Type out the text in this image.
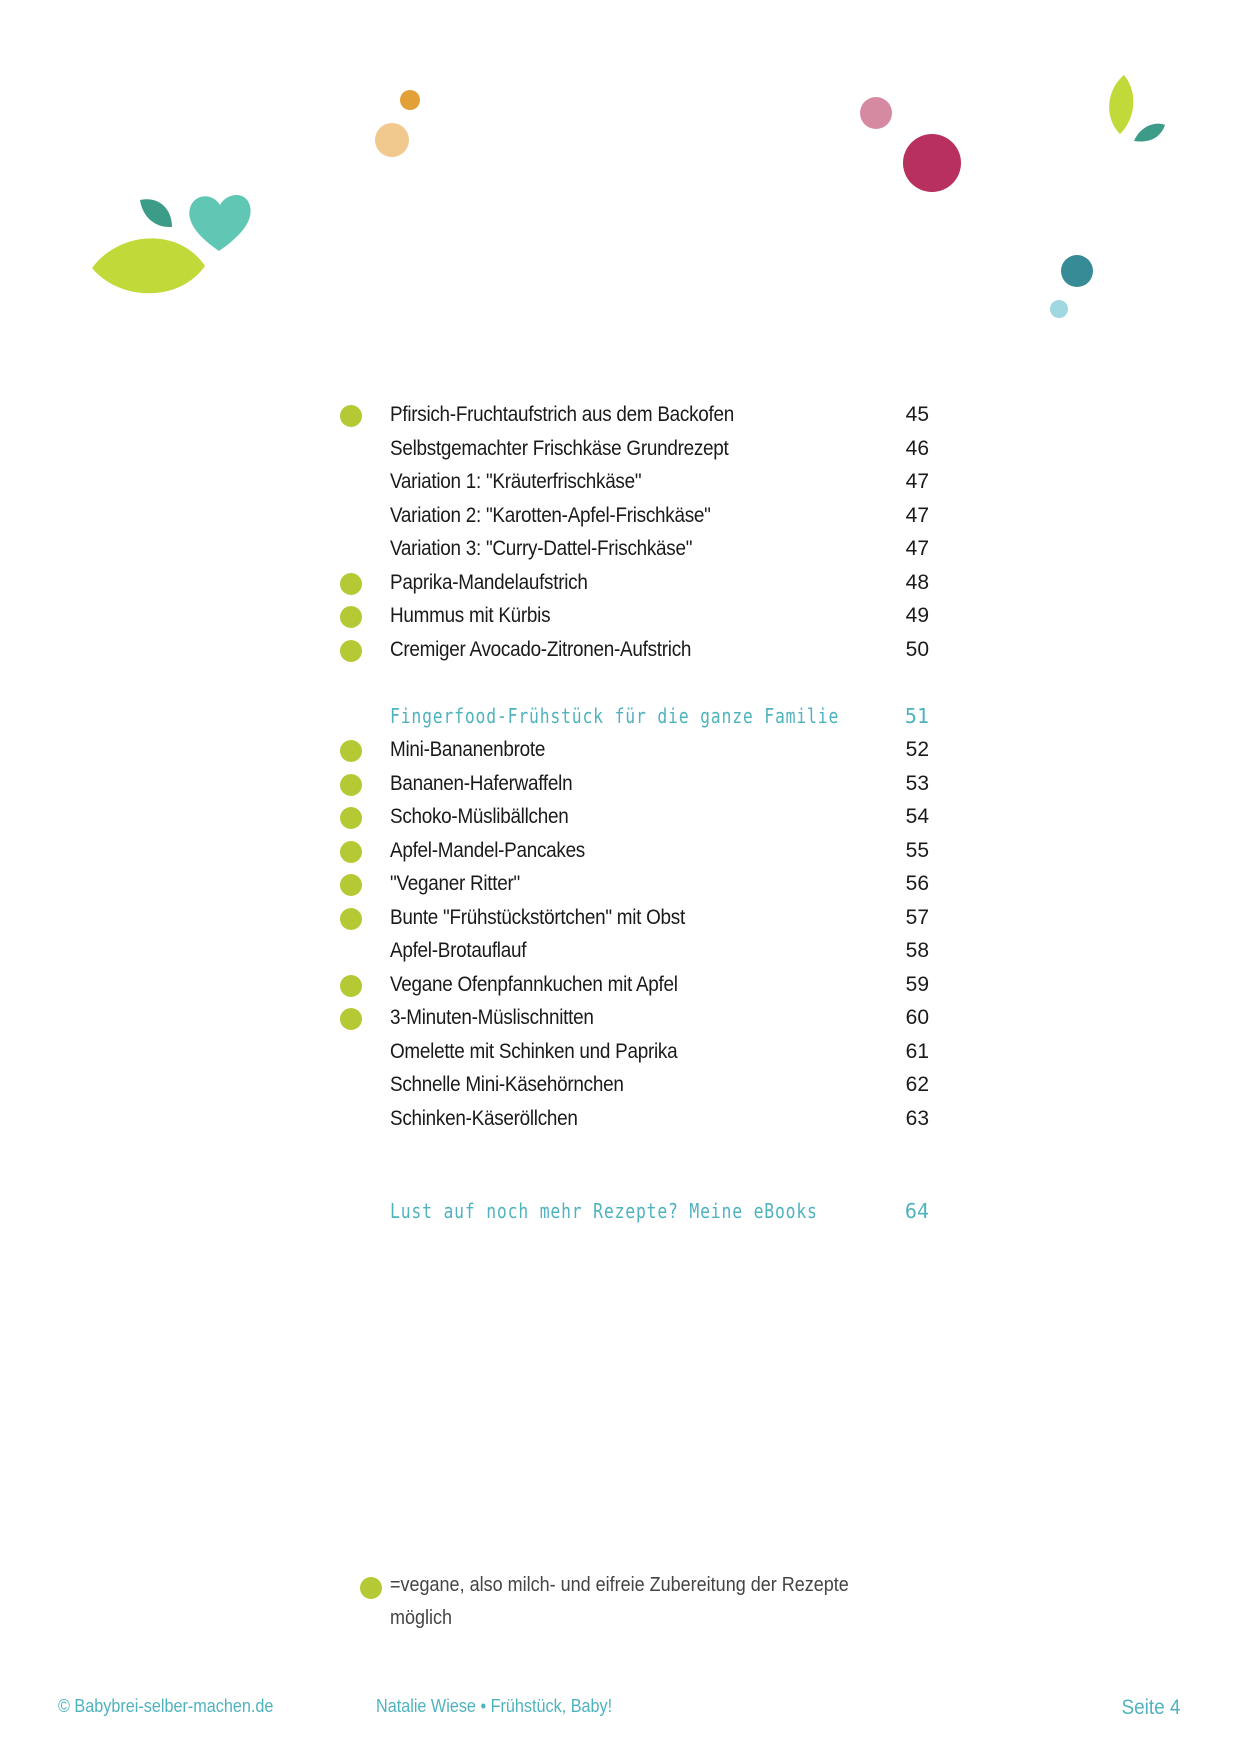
Pfirsich-Fruchtaufstrich aus dem Backofen	45
Selbstgemachter Frischkäse Grundrezept	46
Variation 1: "Kräuterfrischkäse"	47
Variation 2: "Karotten-Apfel-Frischkäse"	47
Variation 3: "Curry-Dattel-Frischkäse"	47
Paprika-Mandelaufstrich	48
Hummus mit Kürbis	49
Cremiger Avocado-Zitronen-Aufstrich	50
Fingerfood-Frühstück für die ganze Familie	51
Mini-Bananenbrote	52
Bananen-Haferwaffeln	53
Schoko-Müslibällchen	54
Apfel-Mandel-Pancakes	55
"Veganer Ritter"	56
Bunte "Frühstückstörtchen" mit Obst	57
Apfel-Brotauflauf	58
Vegane Ofenpfannkuchen mit Apfel	59
3-Minuten-Müslischnitten	60
Omelette mit Schinken und Paprika	61
Schnelle Mini-Käsehörnchen	62
Schinken-Käseröllchen	63
Lust auf noch mehr Rezepte? Meine eBooks	64
=vegane, also milch- und eifreie Zubereitung der Rezepte möglich
© Babybrei-selber-machen.de	Natalie Wiese • Frühstück, Baby!	Seite 4
